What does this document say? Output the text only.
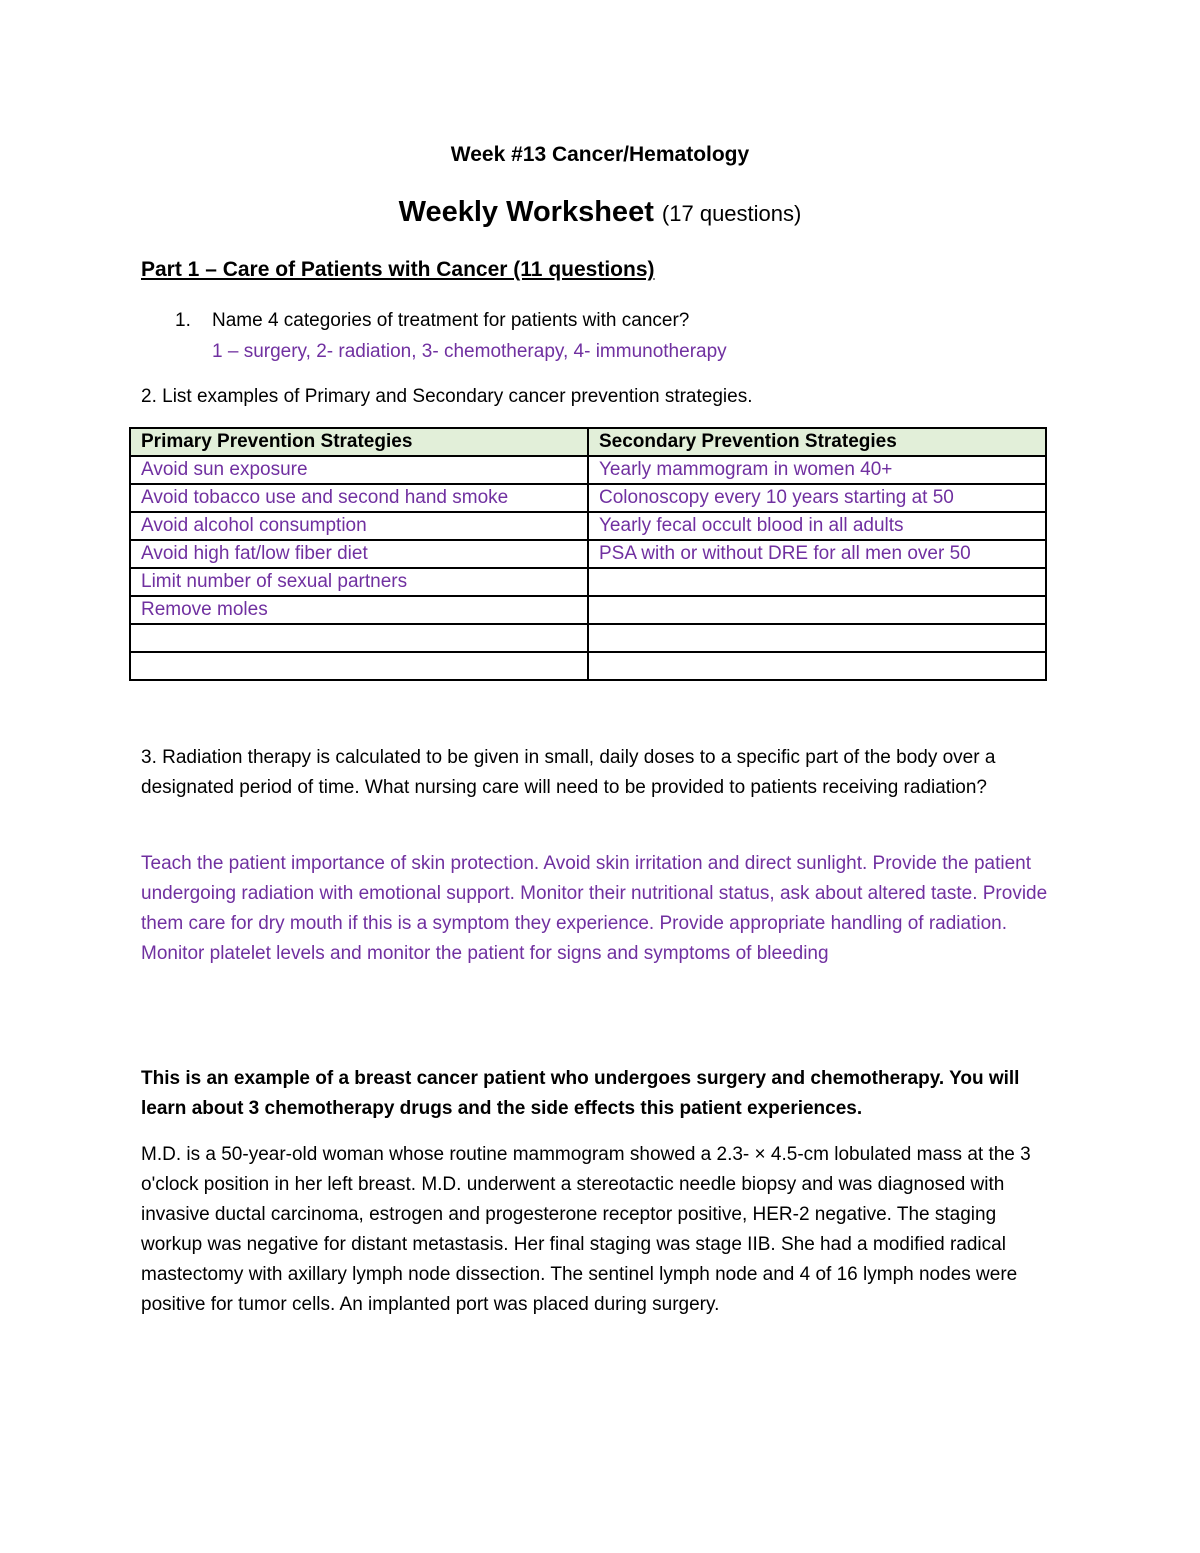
Week #13 Cancer/Hematology
Weekly Worksheet (17 questions)
Part 1 – Care of Patients with Cancer (11 questions)
1. Name 4 categories of treatment for patients with cancer?
1 – surgery, 2- radiation, 3- chemotherapy, 4- immunotherapy
2. List examples of Primary and Secondary cancer prevention strategies.
Primary Prevention Strategies	Secondary Prevention Strategies
Avoid sun exposure	Yearly mammogram in women 40+
Avoid tobacco use and second hand smoke	Colonoscopy every 10 years starting at 50
Avoid alcohol consumption	Yearly fecal occult blood in all adults
Avoid high fat/low fiber diet	PSA with or without DRE for all men over 50
Limit number of sexual partners	
Remove moles	

3. Radiation therapy is calculated to be given in small, daily doses to a specific part of the body over a designated period of time. What nursing care will need to be provided to patients receiving radiation?
Teach the patient importance of skin protection. Avoid skin irritation and direct sunlight. Provide the patient undergoing radiation with emotional support. Monitor their nutritional status, ask about altered taste. Provide them care for dry mouth if this is a symptom they experience. Provide appropriate handling of radiation. Monitor platelet levels and monitor the patient for signs and symptoms of bleeding
This is an example of a breast cancer patient who undergoes surgery and chemotherapy. You will learn about 3 chemotherapy drugs and the side effects this patient experiences.
M.D. is a 50-year-old woman whose routine mammogram showed a 2.3- × 4.5-cm lobulated mass at the 3 o'clock position in her left breast. M.D. underwent a stereotactic needle biopsy and was diagnosed with invasive ductal carcinoma, estrogen and progesterone receptor positive, HER-2 negative. The staging workup was negative for distant metastasis. Her final staging was stage IIB. She had a modified radical mastectomy with axillary lymph node dissection. The sentinel lymph node and 4 of 16 lymph nodes were positive for tumor cells. An implanted port was placed during surgery.
